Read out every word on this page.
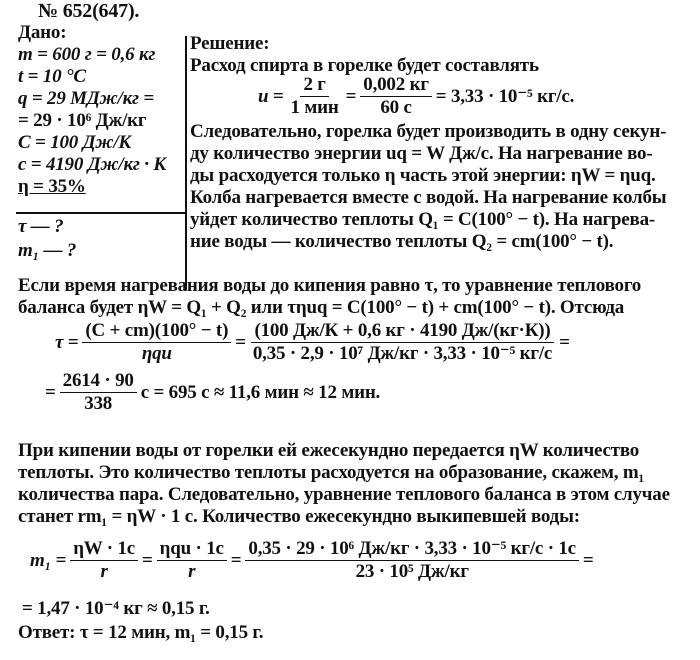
№ 652(647).
Дано:
m = 600 г = 0,6 кг
t = 10 °С
q = 29 МДж/кг =
= 29 · 10⁶ Дж/кг
C = 100 Дж/К
c = 4190 Дж/кг · К
η = 35%
τ — ?
m₁ — ?
Решение:
Расход спирта в горелке будет составлять
$u = \frac{2 г}{\text{1 мин}} = \frac{0,002 кг}{60 с} = 3,33 \cdot 10^{-5}$ кг/с.
Следовательно, горелка будет производить в одну секун-
ду количество энергии uq = W Дж/с. На нагревание во-
ды расходуется только η часть этой энергии: ηW = ηuq.
Колба нагревается вместе с водой. На нагревание колбы
уйдет количество теплоты Q₁ = C(100° − t). На нагрева-
ние воды — количество теплоты Q₂ = cm(100° − t).
Если время нагревания воды до кипения равно τ, то уравнение теплового
баланса будет ηW = Q₁ + Q₂ или τηuq = C(100° − t) + cm(100° − t). Отсюда
$\tau = \frac{(C + cm)(100^\circ - t)}{\text{ηqu}} = \frac{(100 Дж/К + 0,6 кг \cdot 4190 Дж/(кг\cdot К))}{\text{0,35 · 2,9 · 10⁷ Дж/кг · 3,33 · 10⁻⁵ кг/с}}$ =
= $\frac{2614 \cdot 90}{338}$ с = 695 с ≈ 11,6 мин ≈ 12 мин.
При кипении воды от горелки ей ежесекундно передается ηW количество
теплоты. Это количество теплоты расходуется на образование, скажем, m₁
количества пара. Следовательно, уравнение теплового баланса в этом случае
станет rm₁ = ηW · 1 с. Количество ежесекундно выкипевшей воды:
$m_1 = \frac{\eta W \cdot 1с}{r} = \frac{\text{ηqu · 1с}}{r} = \frac{\text{0,35 · 29 · 10⁶ Дж/кг · 3,33 · 10⁻⁵ кг/с · 1с}}{\text{23 · 10⁵ Дж/кг}}$ =
= 1,47 · 10⁻⁴ кг ≈ 0,15 г.
Ответ: τ = 12 мин, m₁ = 0,15 г.
